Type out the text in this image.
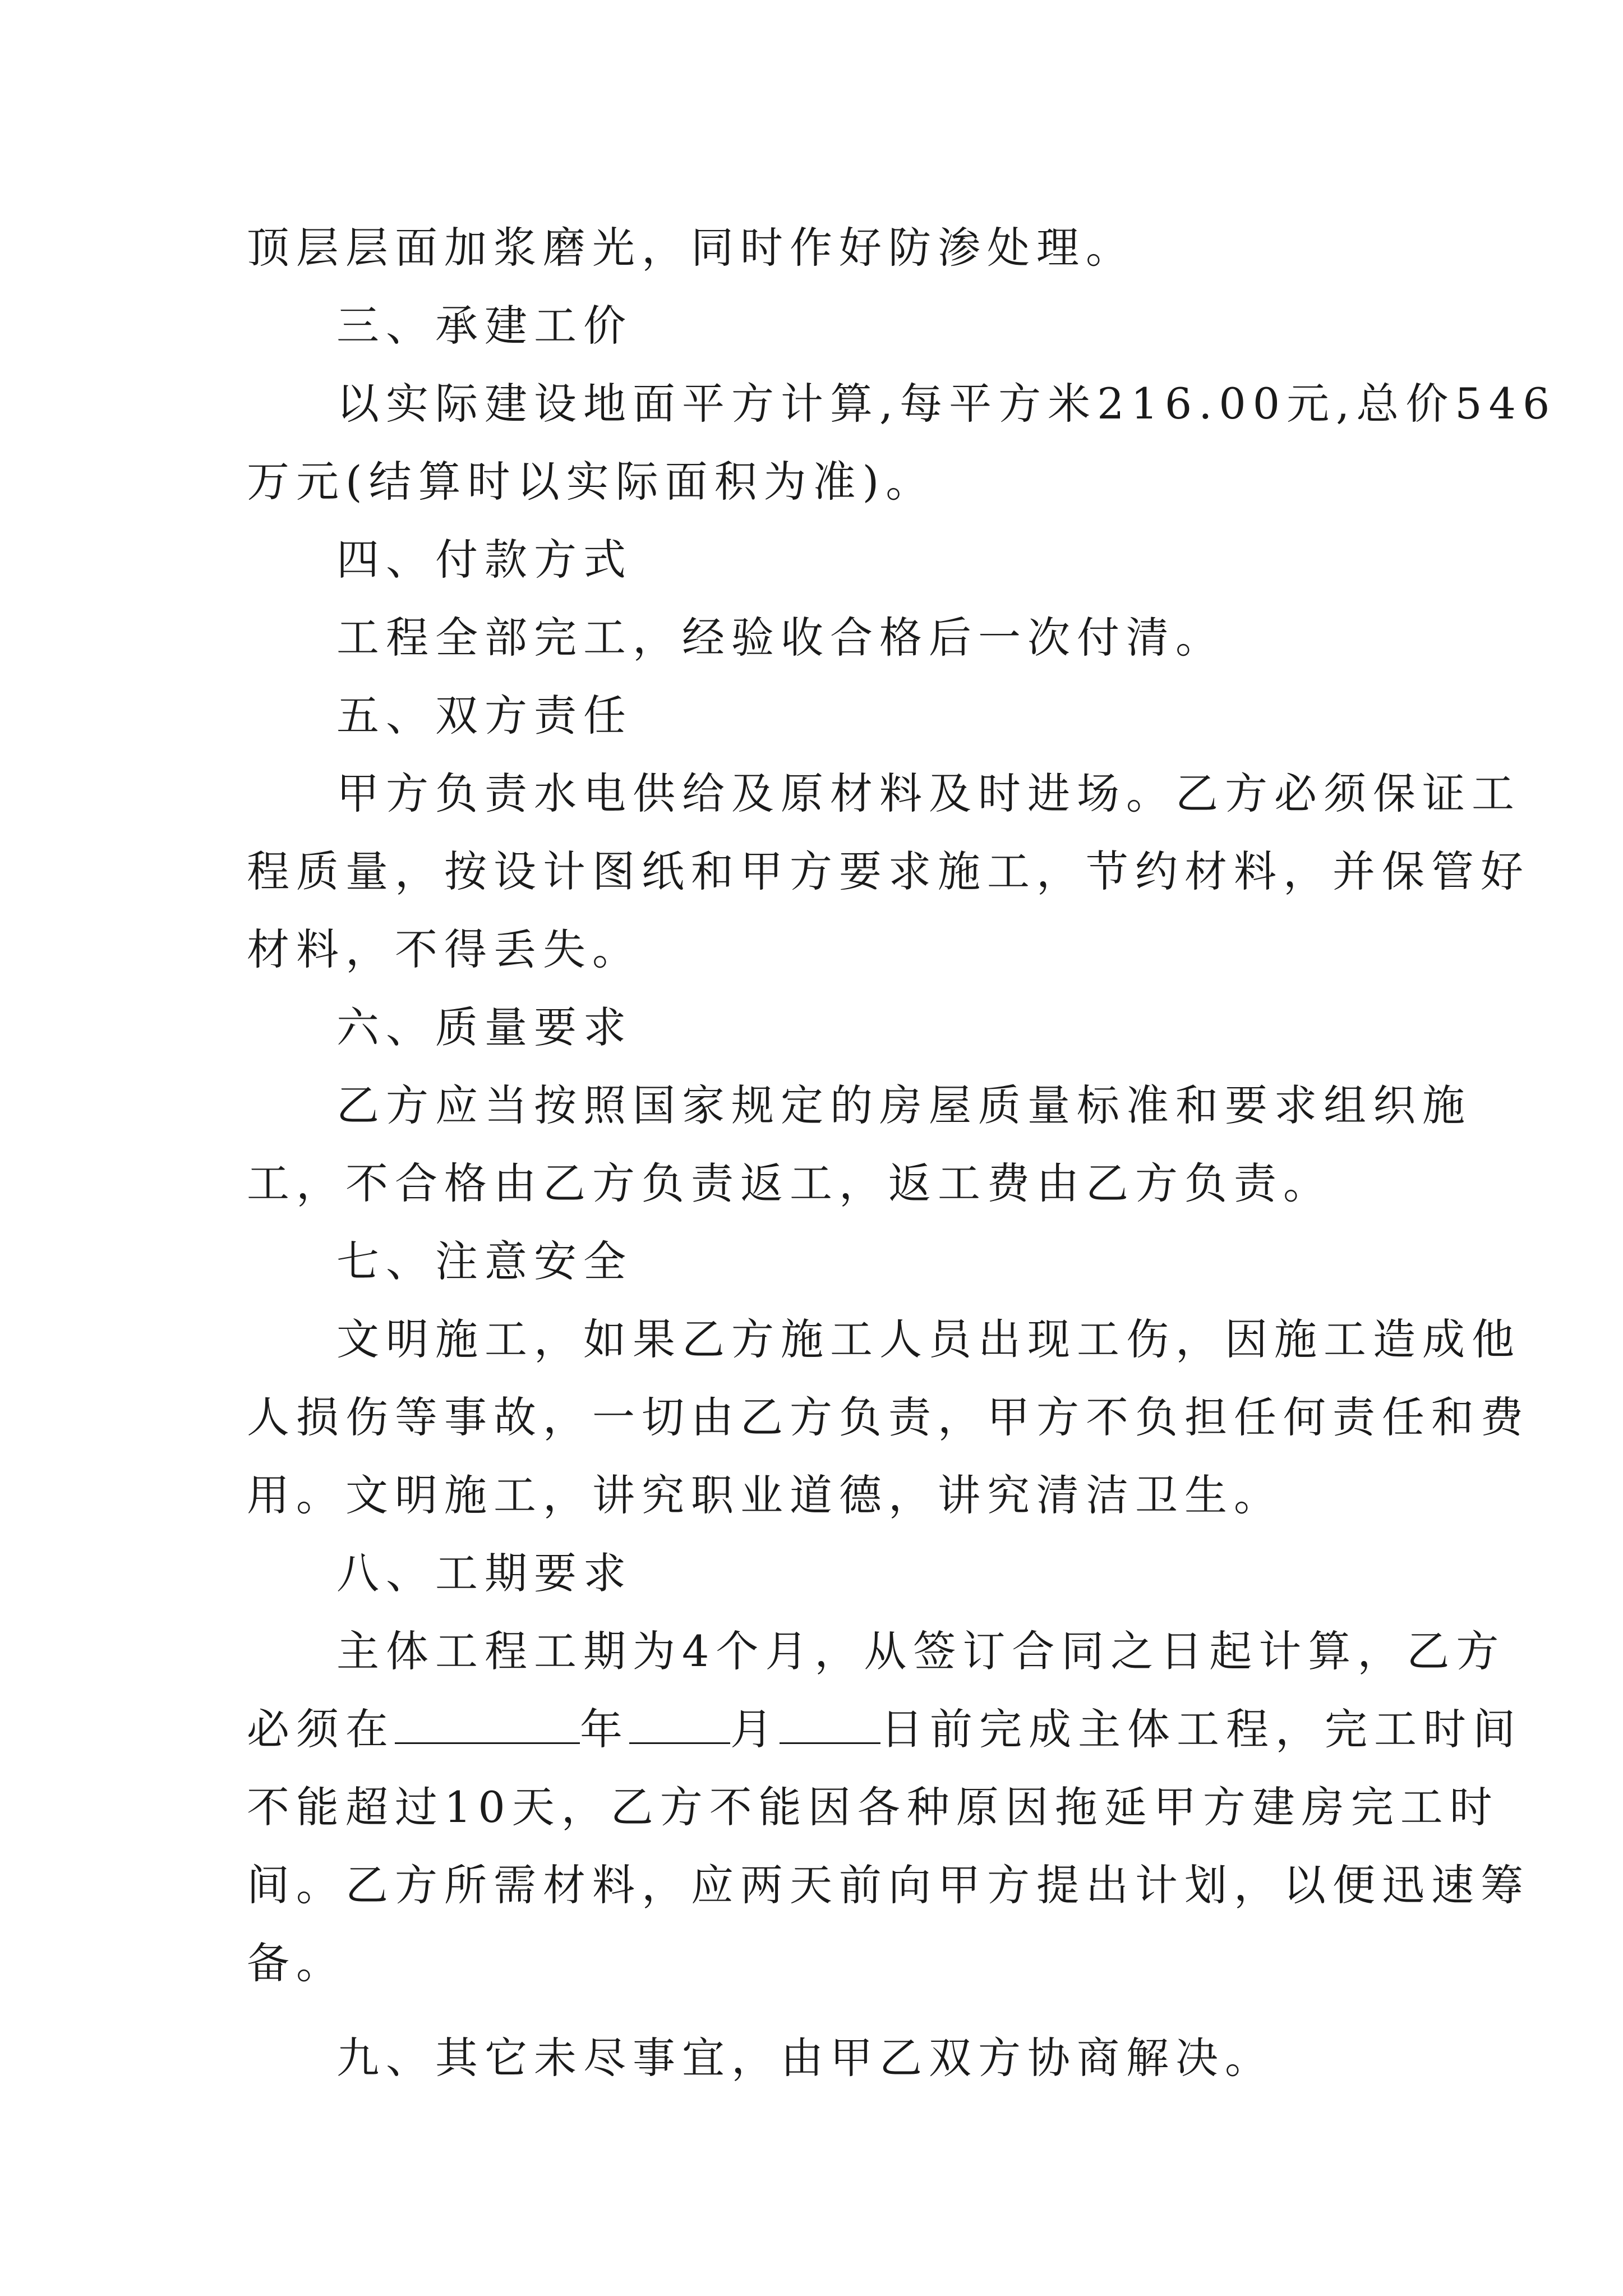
顶层层面加浆磨光，同时作好防渗处理。
三、承建工价
以实际建设地面平方计算,每平方米216.00元,总价546
万元(结算时以实际面积为准)。
四、付款方式
工程全部完工，经验收合格后一次付清。
五、双方责任
甲方负责水电供给及原材料及时进场。乙方必须保证工
程质量，按设计图纸和甲方要求施工，节约材料，并保管好
材料，不得丢失。
六、质量要求
乙方应当按照国家规定的房屋质量标准和要求组织施
工，不合格由乙方负责返工，返工费由乙方负责。
七、注意安全
文明施工，如果乙方施工人员出现工伤，因施工造成他
人损伤等事故，一切由乙方负责，甲方不负担任何责任和费
用。文明施工，讲究职业道德，讲究清洁卫生。
八、工期要求
主体工程工期为4个月，从签订合同之日起计算，乙方
必须在	年 月 日前完成主体工程，完工时间
不能超过10天，乙方不能因各种原因拖延甲方建房完工时
间。乙方所需材料，应两天前向甲方提出计划，以便迅速筹
备。
九、其它未尽事宜，由甲乙双方协商解决。
